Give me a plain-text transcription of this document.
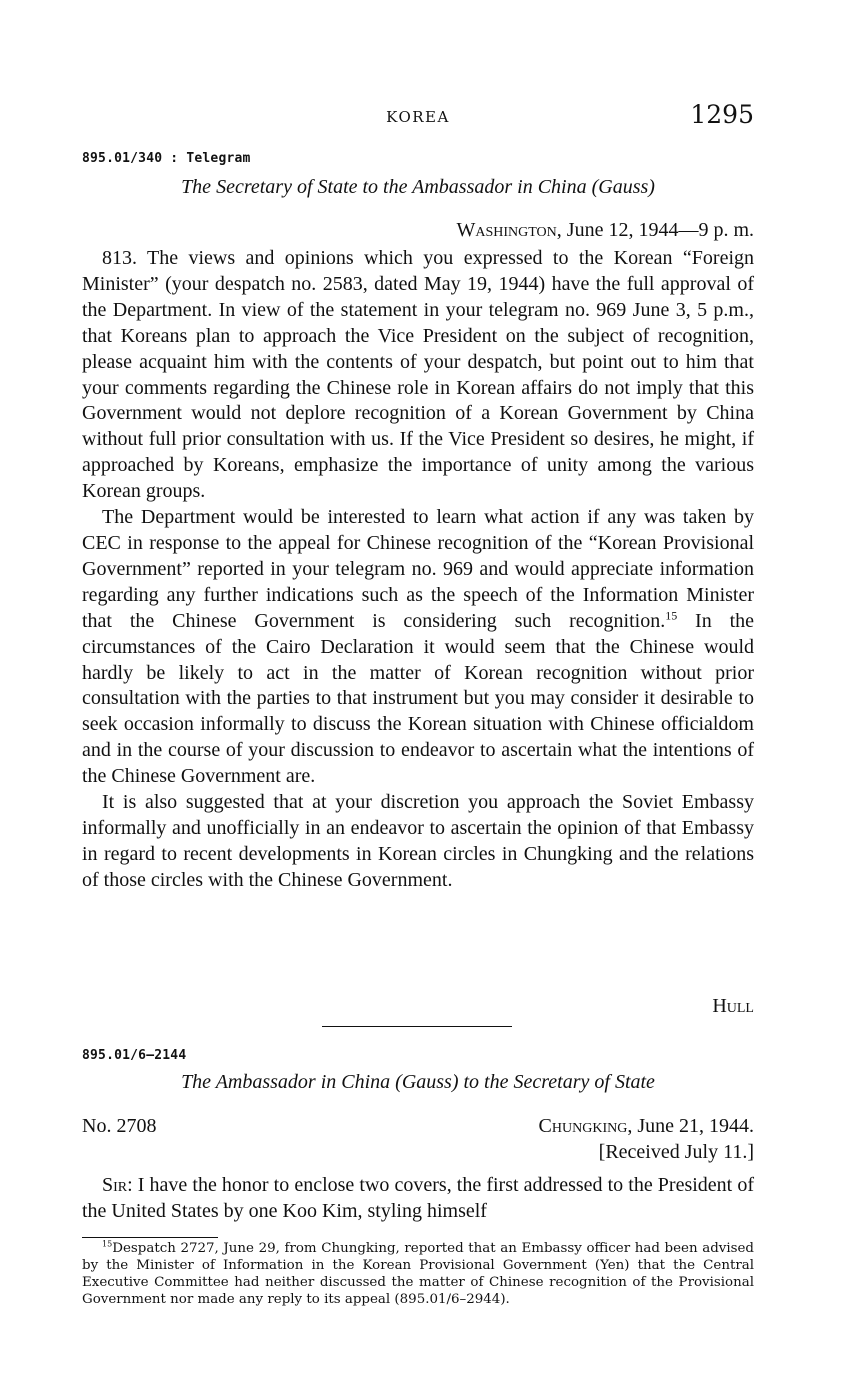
KOREA	1295
895.01/340 : Telegram
The Secretary of State to the Ambassador in China (Gauss)
Washington, June 12, 1944—9 p. m.

813. The views and opinions which you expressed to the Korean “Foreign Minister” (your despatch no. 2583, dated May 19, 1944) have the full approval of the Department. In view of the statement in your telegram no. 969 June 3, 5 p.m., that Koreans plan to approach the Vice President on the subject of recognition, please acquaint him with the contents of your despatch, but point out to him that your comments regarding the Chinese role in Korean affairs do not imply that this Government would not deplore recognition of a Korean Government by China without full prior consultation with us. If the Vice President so desires, he might, if approached by Koreans, emphasize the importance of unity among the various Korean groups.

The Department would be interested to learn what action if any was taken by CEC in response to the appeal for Chinese recognition of the “Korean Provisional Government” reported in your telegram no. 969 and would appreciate information regarding any further indications such as the speech of the Information Minister that the Chinese Government is considering such recognition.$^{15}$ In the circumstances of the Cairo Declaration it would seem that the Chinese would hardly be likely to act in the matter of Korean recognition without prior consultation with the parties to that instrument but you may consider it desirable to seek occasion informally to discuss the Korean situation with Chinese officialdom and in the course of your discussion to endeavor to ascertain what the intentions of the Chinese Government are.

It is also suggested that at your discretion you approach the Soviet Embassy informally and unofficially in an endeavor to ascertain the opinion of that Embassy in regard to recent developments in Korean circles in Chungking and the relations of those circles with the Chinese Government.

Hull
895.01/6–2144
The Ambassador in China (Gauss) to the Secretary of State
No. 2708	Chungking, June 21, 1944.
[Received July 11.]

Sir: I have the honor to enclose two covers, the first addressed to the President of the United States by one Koo Kim, styling himself

$^{15}$Despatch 2727, June 29, from Chungking, reported that an Embassy officer had been advised by the Minister of Information in the Korean Provisional Government (Yen) that the Central Executive Committee had neither discussed the matter of Chinese recognition of the Provisional Government nor made any reply to its appeal (895.01/6–2944).
